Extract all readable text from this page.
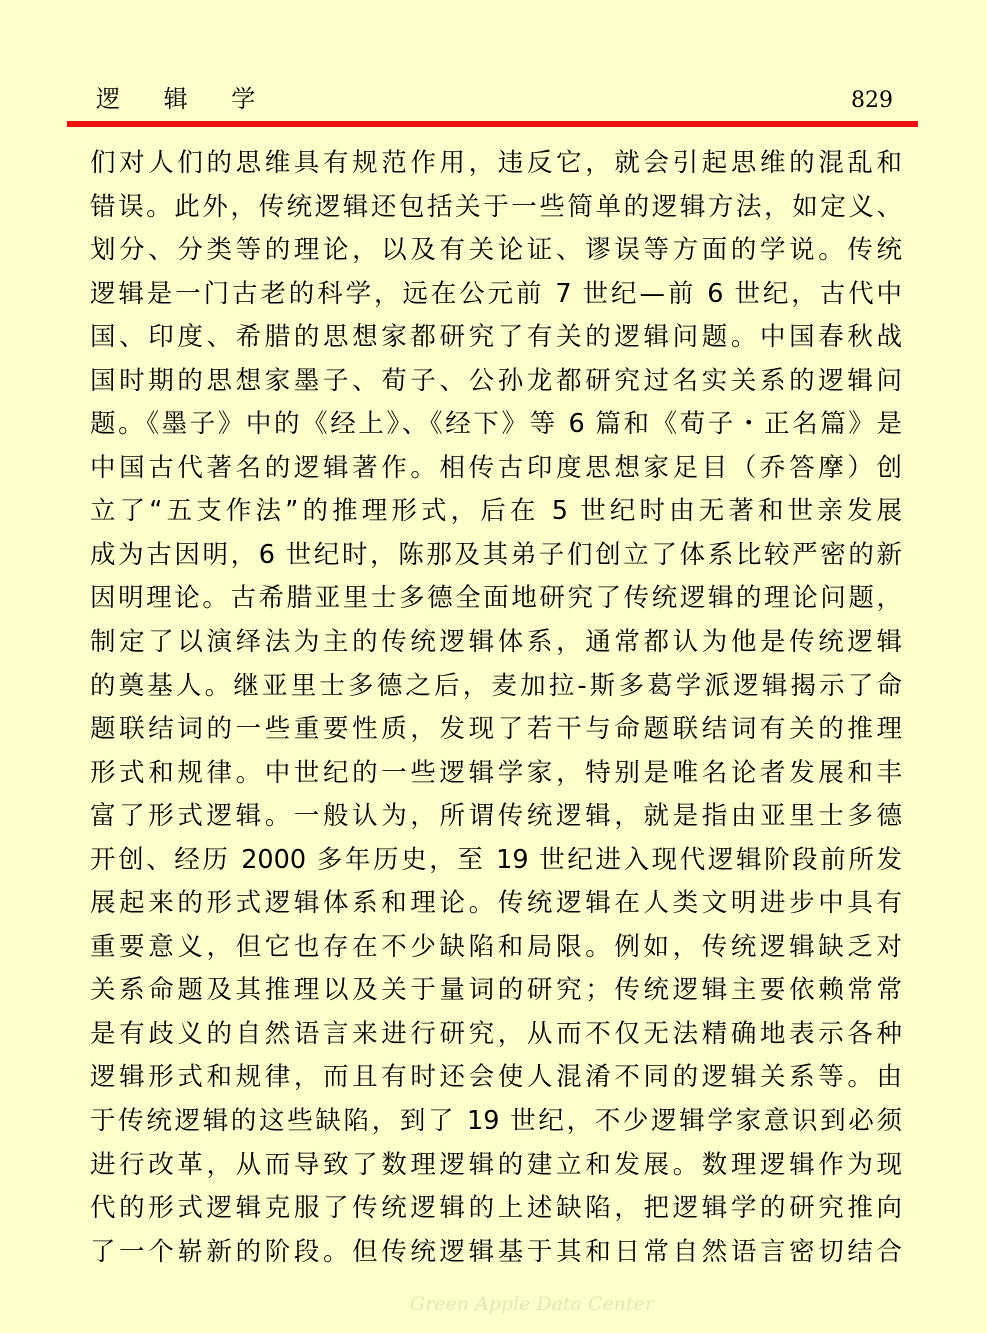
逻 辑 学	829
们对人们的思维具有规范作用，违反它，就会引起思维的混乱和
错误。此外，传统逻辑还包括关于一些简单的逻辑方法，如定义、
划分、分类等的理论，以及有关论证、谬误等方面的学说。传统
逻辑是一门古老的科学，远在公元前 7 世纪—前 6 世纪，古代中
国、印度、希腊的思想家都研究了有关的逻辑问题。中国春秋战
国时期的思想家墨子、荀子、公孙龙都研究过名实关系的逻辑问
题。《墨子》中的《经上》、《经下》等 6 篇和《荀子・正名篇》是
中国古代著名的逻辑著作。相传古印度思想家足目（乔答摩）创
立了“五支作法”的推理形式，后在 5 世纪时由无著和世亲发展
成为古因明，6 世纪时，陈那及其弟子们创立了体系比较严密的新
因明理论。古希腊亚里士多德全面地研究了传统逻辑的理论问题，
制定了以演绎法为主的传统逻辑体系，通常都认为他是传统逻辑
的奠基人。继亚里士多德之后，麦加拉-斯多葛学派逻辑揭示了命
题联结词的一些重要性质，发现了若干与命题联结词有关的推理
形式和规律。中世纪的一些逻辑学家，特别是唯名论者发展和丰
富了形式逻辑。一般认为，所谓传统逻辑，就是指由亚里士多德
开创、经历 2000 多年历史，至 19 世纪进入现代逻辑阶段前所发
展起来的形式逻辑体系和理论。传统逻辑在人类文明进步中具有
重要意义，但它也存在不少缺陷和局限。例如，传统逻辑缺乏对
关系命题及其推理以及关于量词的研究；传统逻辑主要依赖常常
是有歧义的自然语言来进行研究，从而不仅无法精确地表示各种
逻辑形式和规律，而且有时还会使人混淆不同的逻辑关系等。由
于传统逻辑的这些缺陷，到了 19 世纪，不少逻辑学家意识到必须
进行改革，从而导致了数理逻辑的建立和发展。数理逻辑作为现
代的形式逻辑克服了传统逻辑的上述缺陷，把逻辑学的研究推向
了一个崭新的阶段。但传统逻辑基于其和日常自然语言密切结合
Green Apple Data Center
